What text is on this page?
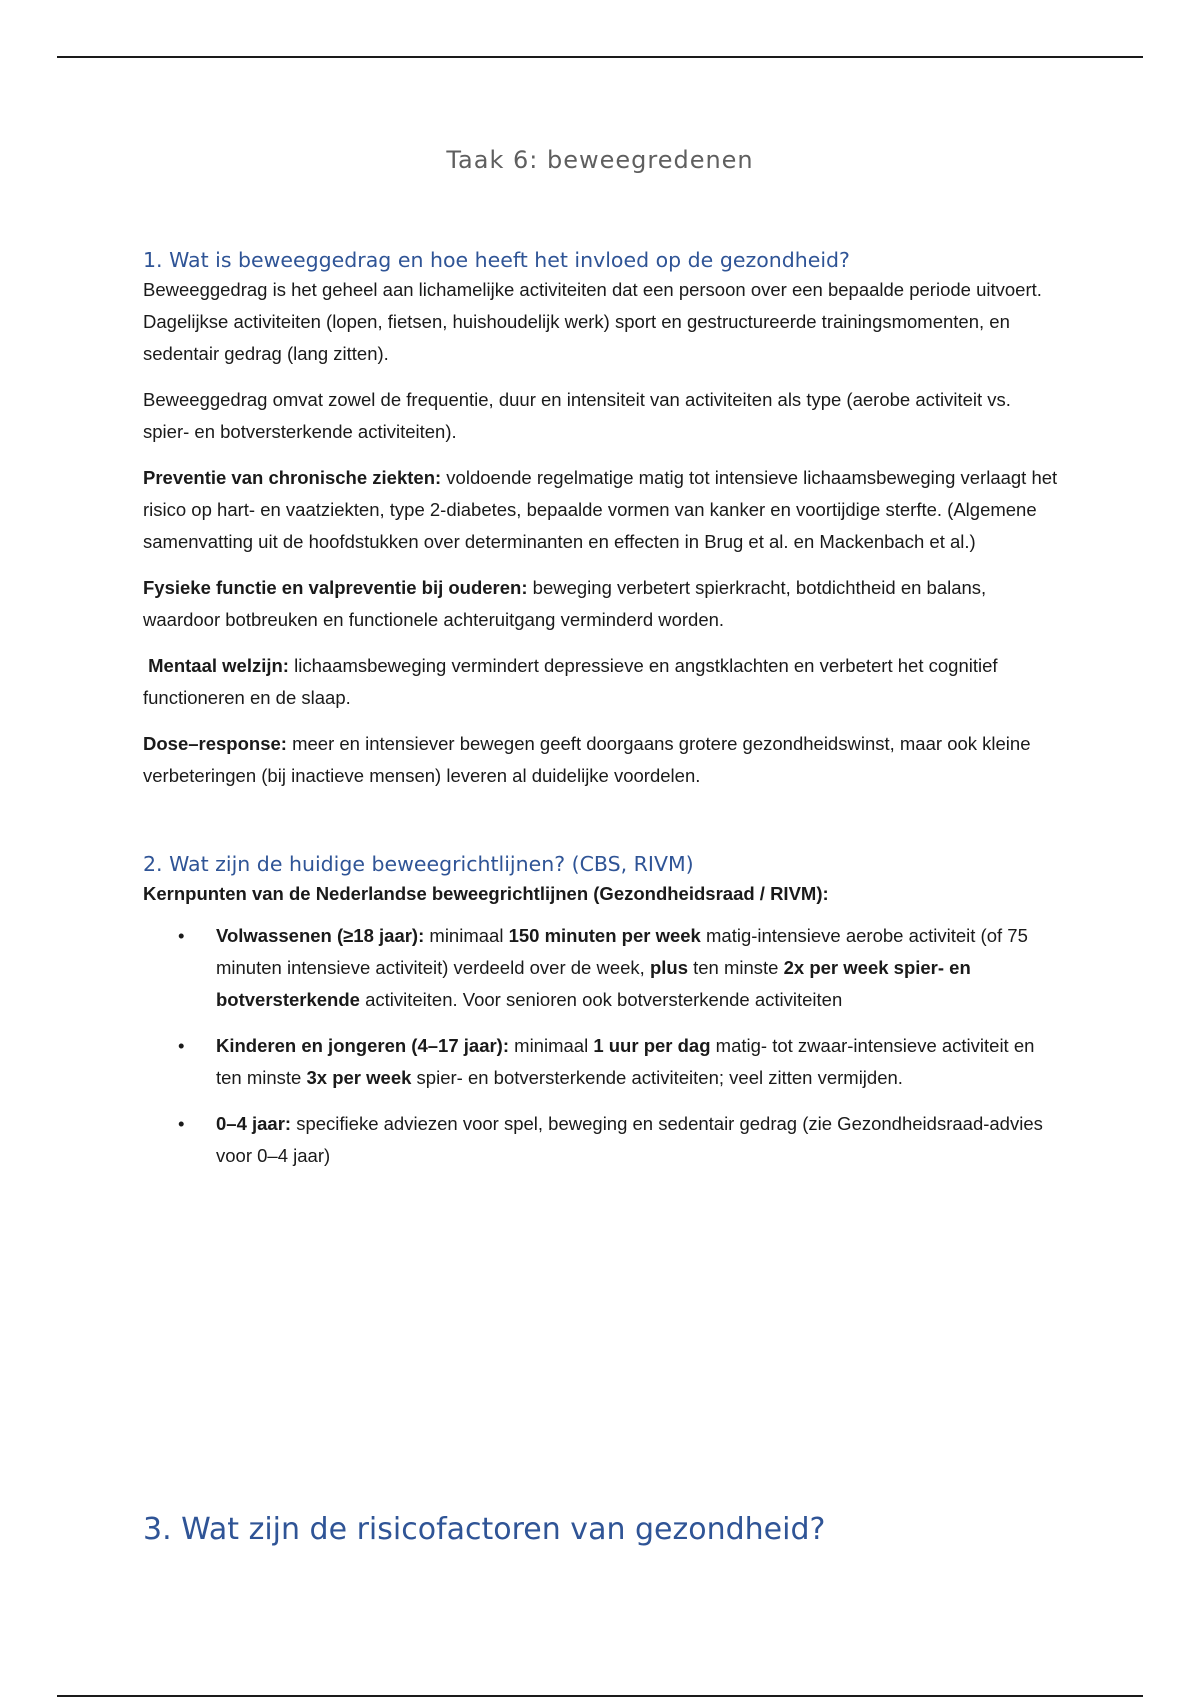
Taak 6: beweegredenen
1. Wat is beweeggedrag en hoe heeft het invloed op de gezondheid?

Beweeggedrag is het geheel aan lichamelijke activiteiten dat een persoon over een bepaalde periode uitvoert. Dagelijkse activiteiten (lopen, fietsen, huishoudelijk werk) sport en gestructureerde trainingsmomenten, en sedentair gedrag (lang zitten).

Beweeggedrag omvat zowel de frequentie, duur en intensiteit van activiteiten als type (aerobe activiteit vs. spier- en botversterkende activiteiten).

Preventie van chronische ziekten: voldoende regelmatige matig tot intensieve lichaamsbeweging verlaagt het risico op hart- en vaatziekten, type 2-diabetes, bepaalde vormen van kanker en voortijdige sterfte. (Algemene samenvatting uit de hoofdstukken over determinanten en effecten in Brug et al. en Mackenbach et al.)

Fysieke functie en valpreventie bij ouderen: beweging verbetert spierkracht, botdichtheid en balans, waardoor botbreuken en functionele achteruitgang verminderd worden.

Mentaal welzijn: lichaamsbeweging vermindert depressieve en angstklachten en verbetert het cognitief functioneren en de slaap.

Dose–response: meer en intensiever bewegen geeft doorgaans grotere gezondheidswinst, maar ook kleine verbeteringen (bij inactieve mensen) leveren al duidelijke voordelen.

2. Wat zijn de huidige beweegrichtlijnen? (CBS, RIVM)

Kernpunten van de Nederlandse beweegrichtlijnen (Gezondheidsraad / RIVM):

• Volwassenen (≥18 jaar): minimaal 150 minuten per week matig-intensieve aerobe activiteit (of 75 minuten intensieve activiteit) verdeeld over de week, plus ten minste 2x per week spier- en botversterkende activiteiten. Voor senioren ook botversterkende activiteiten
• Kinderen en jongeren (4–17 jaar): minimaal 1 uur per dag matig- tot zwaar-intensieve activiteit en ten minste 3x per week spier- en botversterkende activiteiten; veel zitten vermijden.
• 0–4 jaar: specifieke adviezen voor spel, beweging en sedentair gedrag (zie Gezondheidsraad-advies voor 0–4 jaar)
3. Wat zijn de risicofactoren van gezondheid?
